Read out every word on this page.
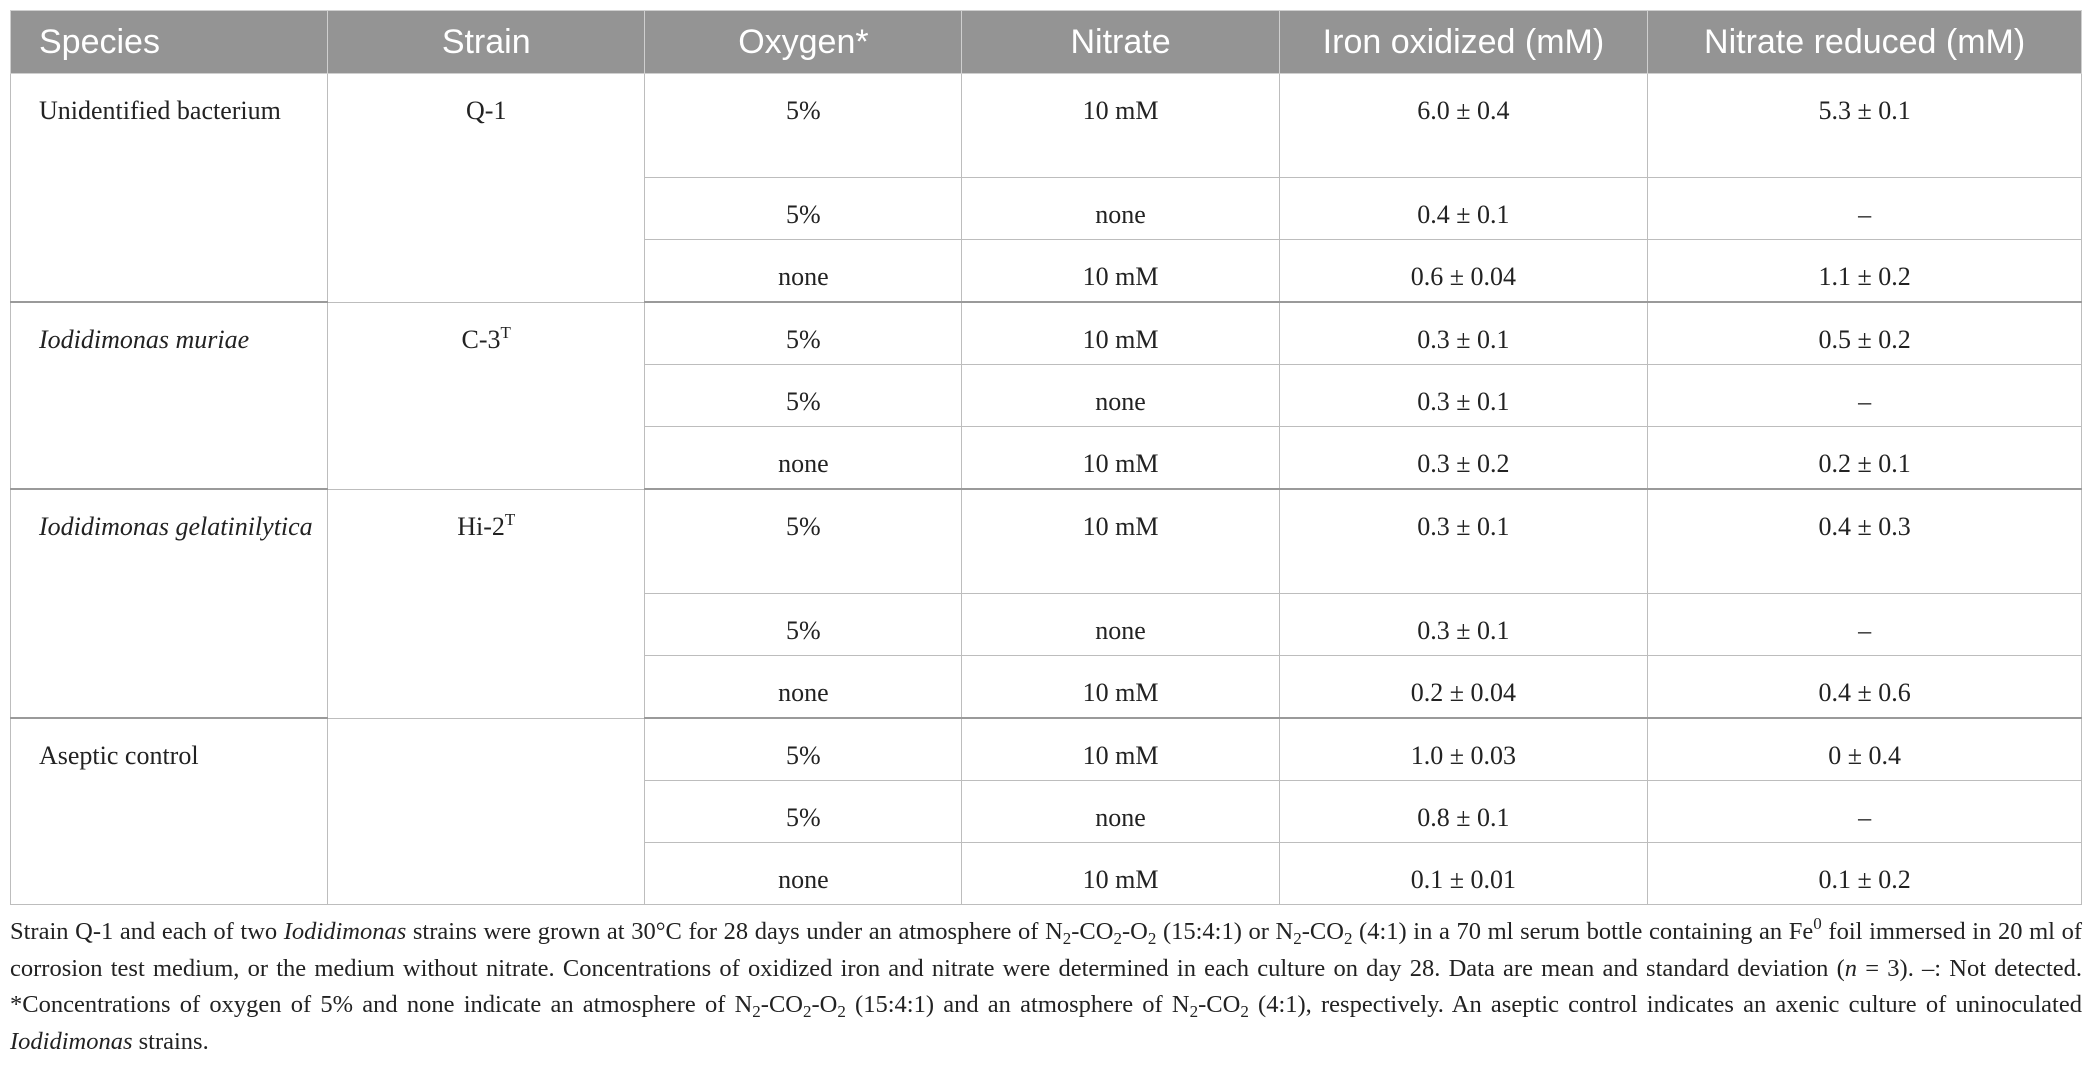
Species	Strain	Oxygen*	Nitrate	Iron oxidized (mM)	Nitrate reduced (mM)
Unidentified bacterium	Q-1	5%	10 mM	6.0 ± 0.4	5.3 ± 0.1
		5%	none	0.4 ± 0.1	–
		none	10 mM	0.6 ± 0.04	1.1 ± 0.2
Iodidimonas muriae	$C-3^T$	5%	10 mM	0.3 ± 0.1	0.5 ± 0.2
		5%	none	0.3 ± 0.1	–
		none	10 mM	0.3 ± 0.2	0.2 ± 0.1
Iodidimonas gelatinilytica	$Hi-2^T$	5%	10 mM	0.3 ± 0.1	0.4 ± 0.3
		5%	none	0.3 ± 0.1	–
		none	10 mM	0.2 ± 0.04	0.4 ± 0.6
Aseptic control		5%	10 mM	1.0 ± 0.03	0 ± 0.4
		5%	none	0.8 ± 0.1	–
		none	10 mM	0.1 ± 0.01	0.1 ± 0.2

Strain Q-1 and each of two Iodidimonas strains were grown at 30°C for 28 days under an atmosphere of $N_2-CO_2-O_2$ (15:4:1) or $N_2-CO_2$ (4:1) in a 70 ml serum bottle containing an Fe$^0$ foil immersed in 20 ml of corrosion test medium, or the medium without nitrate. Concentrations of oxidized iron and nitrate were determined in each culture on day 28. Data are mean and standard deviation (n = 3). –: Not detected. *Concentrations of oxygen of 5% and none indicate an atmosphere of $N_2-CO_2-O_2$ (15:4:1) and an atmosphere of $N_2-CO_2$ (4:1), respectively. An aseptic control indicates an axenic culture of uninoculated Iodidimonas strains.
